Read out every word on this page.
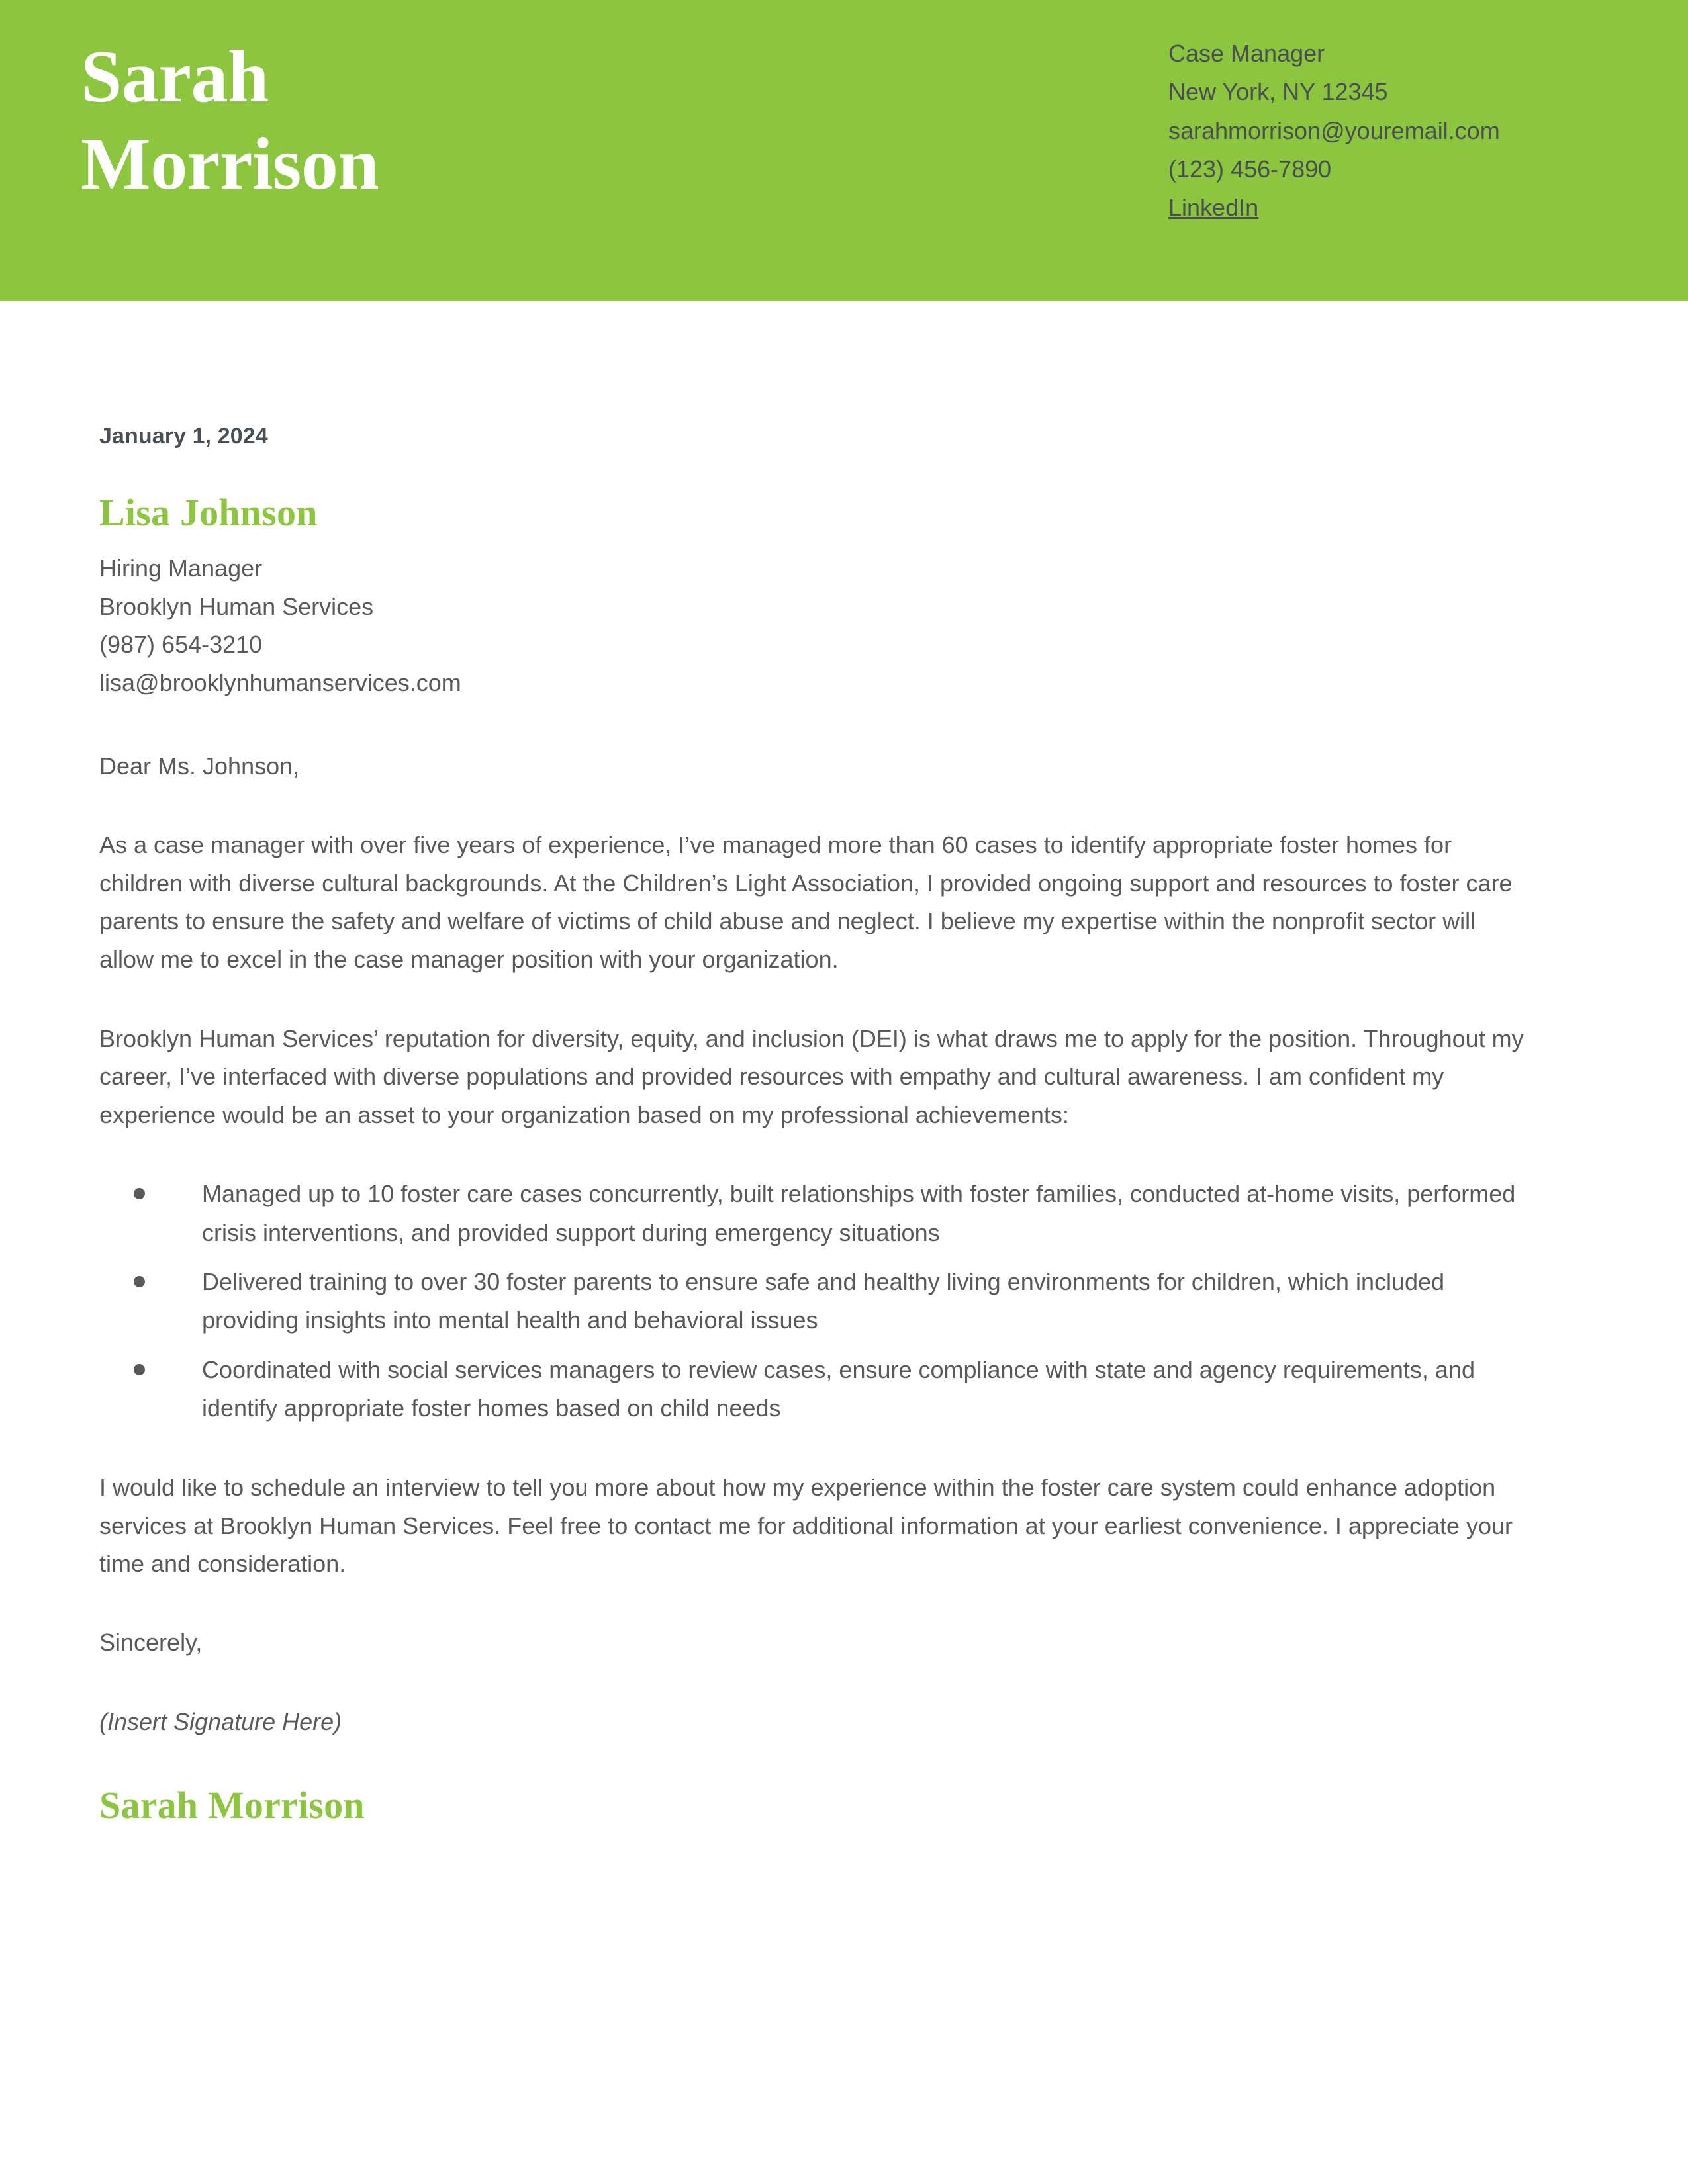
Sarah
Morrison
Case Manager
New York, NY 12345
sarahmorrison@youremail.com
(123) 456-7890
LinkedIn
January 1, 2024
Lisa Johnson
Hiring Manager
Brooklyn Human Services
(987) 654-3210
lisa@brooklynhumanservices.com
Dear Ms. Johnson,

As a case manager with over five years of experience, I’ve managed more than 60 cases to identify appropriate foster homes for children with diverse cultural backgrounds. At the Children’s Light Association, I provided ongoing support and resources to foster care parents to ensure the safety and welfare of victims of child abuse and neglect. I believe my expertise within the nonprofit sector will allow me to excel in the case manager position with your organization.

Brooklyn Human Services’ reputation for diversity, equity, and inclusion (DEI) is what draws me to apply for the position. Throughout my career, I’ve interfaced with diverse populations and provided resources with empathy and cultural awareness. I am confident my experience would be an asset to your organization based on my professional achievements:

Managed up to 10 foster care cases concurrently, built relationships with foster families, conducted at-home visits, performed crisis interventions, and provided support during emergency situations
Delivered training to over 30 foster parents to ensure safe and healthy living environments for children, which included providing insights into mental health and behavioral issues
Coordinated with social services managers to review cases, ensure compliance with state and agency requirements, and identify appropriate foster homes based on child needs

I would like to schedule an interview to tell you more about how my experience within the foster care system could enhance adoption services at Brooklyn Human Services. Feel free to contact me for additional information at your earliest convenience. I appreciate your time and consideration.

Sincerely,
(Insert Signature Here)
Sarah Morrison
